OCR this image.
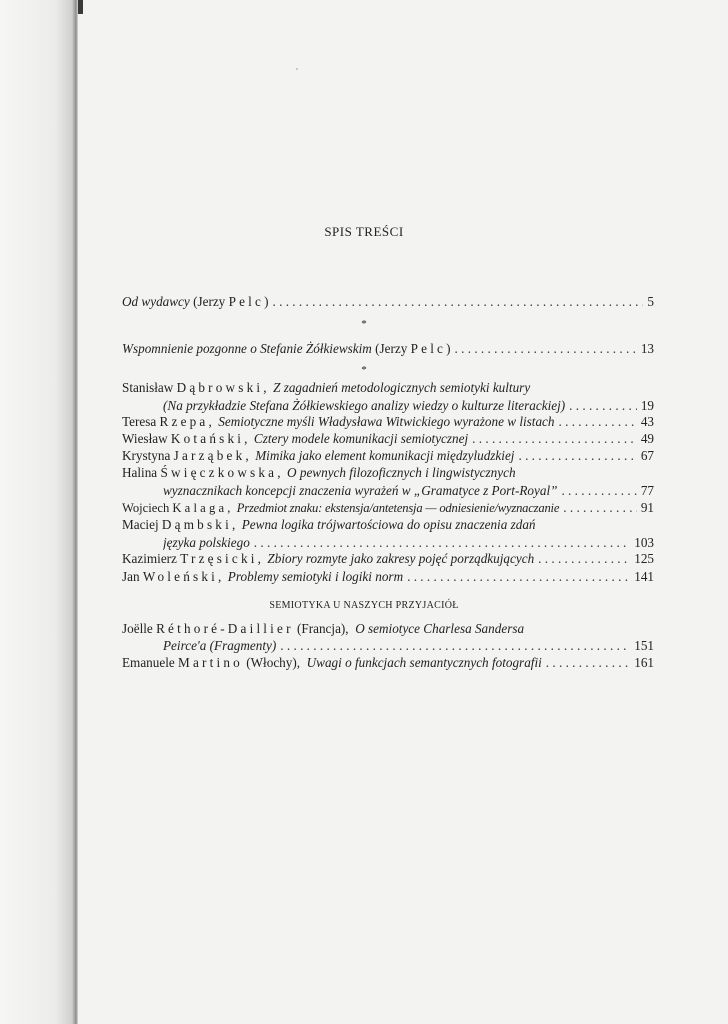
SPIS TREŚCI
Od wydawcy (Jerzy Pelc) . . .	5
*
Wspomnienie pozgonne o Stefanie Żółkiewskim (Jerzy Pelc) . . .	13
*
Stanisław Dąbrowski, Z zagadnień metodologicznych semiotyki kultury
(Na przykładzie Stefana Żółkiewskiego analizy wiedzy o kulturze literackiej) . . .	19
Teresa Rzepa, Semiotyczne myśli Władysława Witwickiego wyrażone w listach . . .	43
Wiesław Kotański, Cztery modele komunikacji semiotycznej . . .	49
Krystyna Jarząbek, Mimika jako element komunikacji międzyludzkiej . . .	67
Halina Święczkowska, O pewnych filozoficznych i lingwistycznych
wyznacznikach koncepcji znaczenia wyrażeń w „Gramatyce z Port-Royal” . . .	77
Wojciech Kalaga, Przedmiot znaku: ekstensja/antetensja — odniesienie/wyznaczanie . . .	91
Maciej Dąmbski, Pewna logika trójwartościowa do opisu znaczenia zdań
języka polskiego . . .	103
Kazimierz Trzęsicki, Zbiory rozmyte jako zakresy pojęć porządkujących . . .	125
Jan Woleński, Problemy semiotyki i logiki norm . . .	141
SEMIOTYKA U NASZYCH PRZYJACIÓŁ
Joëlle Réthoré-Daillier (Francja), O semiotyce Charlesa Sandersa
Peirce'a (Fragmenty) . . .	151
Emanuele Martino (Włochy), Uwagi o funkcjach semantycznych fotografii . . .	161
